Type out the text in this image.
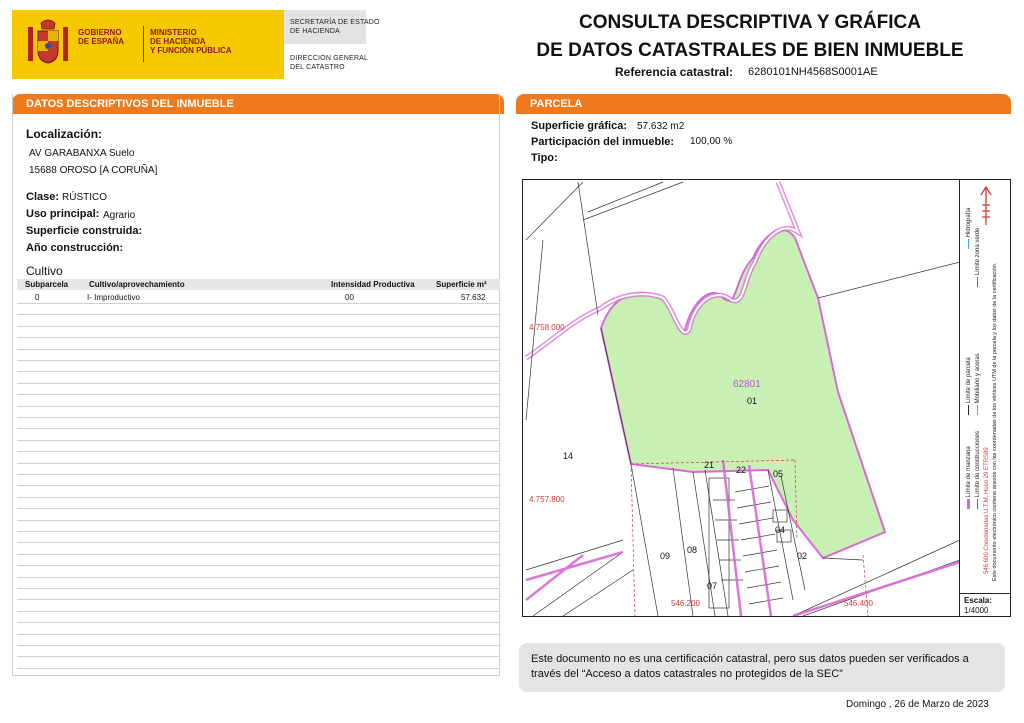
GOBIERNO
DE ESPAÑA
MINISTERIO
DE HACIENDA
Y FUNCIÓN PÚBLICA
SECRETARÍA DE ESTADO
DE HACIENDA
DIRECCIÓN GENERAL
DEL CATASTRO
CONSULTA DESCRIPTIVA Y GRÁFICA
DE DATOS CATASTRALES DE BIEN INMUEBLE
Referencia catastral: 6280101NH4568S0001AE
DATOS DESCRIPTIVOS DEL INMUEBLE
Localización:
AV GARABANXA Suelo
15688 OROSO [A CORUÑA]
Clase: RÚSTICO
Uso principal: Agrario
Superficie construida:
Año construcción:
Cultivo
Subparcela	Cultivo/aprovechamiento	Intensidad Productiva	Superficie m²
0	I- Improductivo	00	57.632
PARCELA
Superficie gráfica: 57.632 m2
Participación del inmueble: 100,00 %
Tipo:
4.758.000
4.757.800
546.200	546.400
62801
01
14
21 22	05
04
02
09
08
07
Límite de manzana
Límite de parcela
Hidrografía
Límite de construcciones
Mobiliario y aceras
Límite zona verde
546.600 Coordenadas U.T.M. Huso 29 ETRS89 Este documento electrónico contiene anexos con las coordenadas de los vértices UTM de la parcela y los datos de la certificación.
Escala:
1/4000
Este documento no es una certificación catastral, pero sus datos pueden ser verificados a través del “Acceso a datos catastrales no protegidos de la SEC”
Domingo , 26 de Marzo de 2023
